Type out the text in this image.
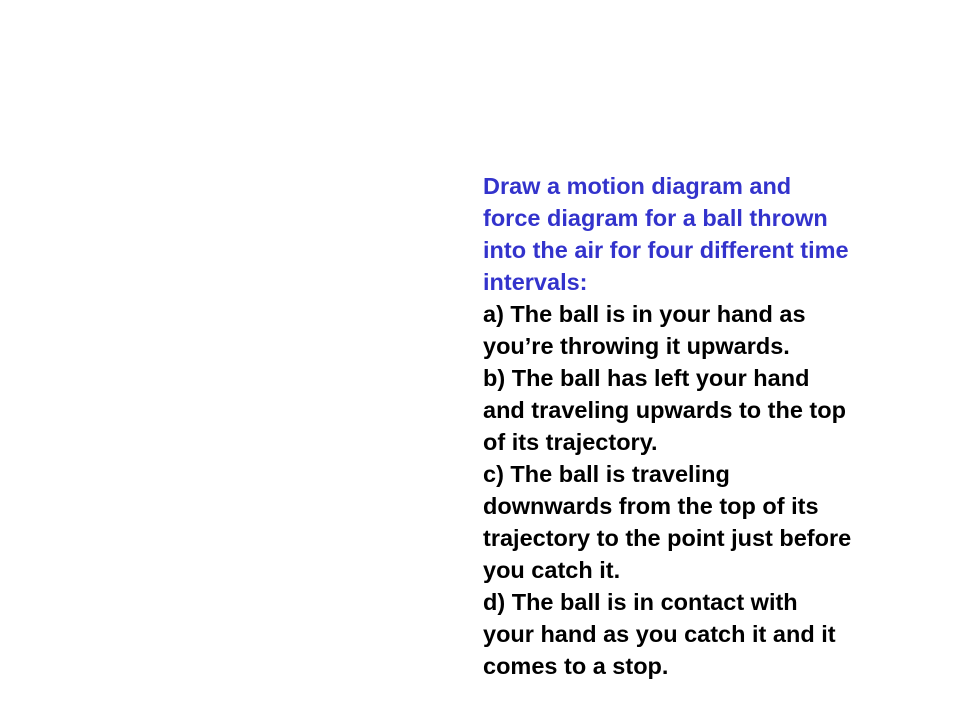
Draw a motion diagram and
force diagram for a ball thrown
into the air for four different time
intervals:
a) The ball is in your hand as
you’re throwing it upwards.
b) The ball has left your hand
and traveling upwards to the top
of its trajectory.
c) The ball is traveling
downwards from the top of its
trajectory to the point just before
you catch it.
d) The ball is in contact with
your hand as you catch it and it
comes to a stop.
